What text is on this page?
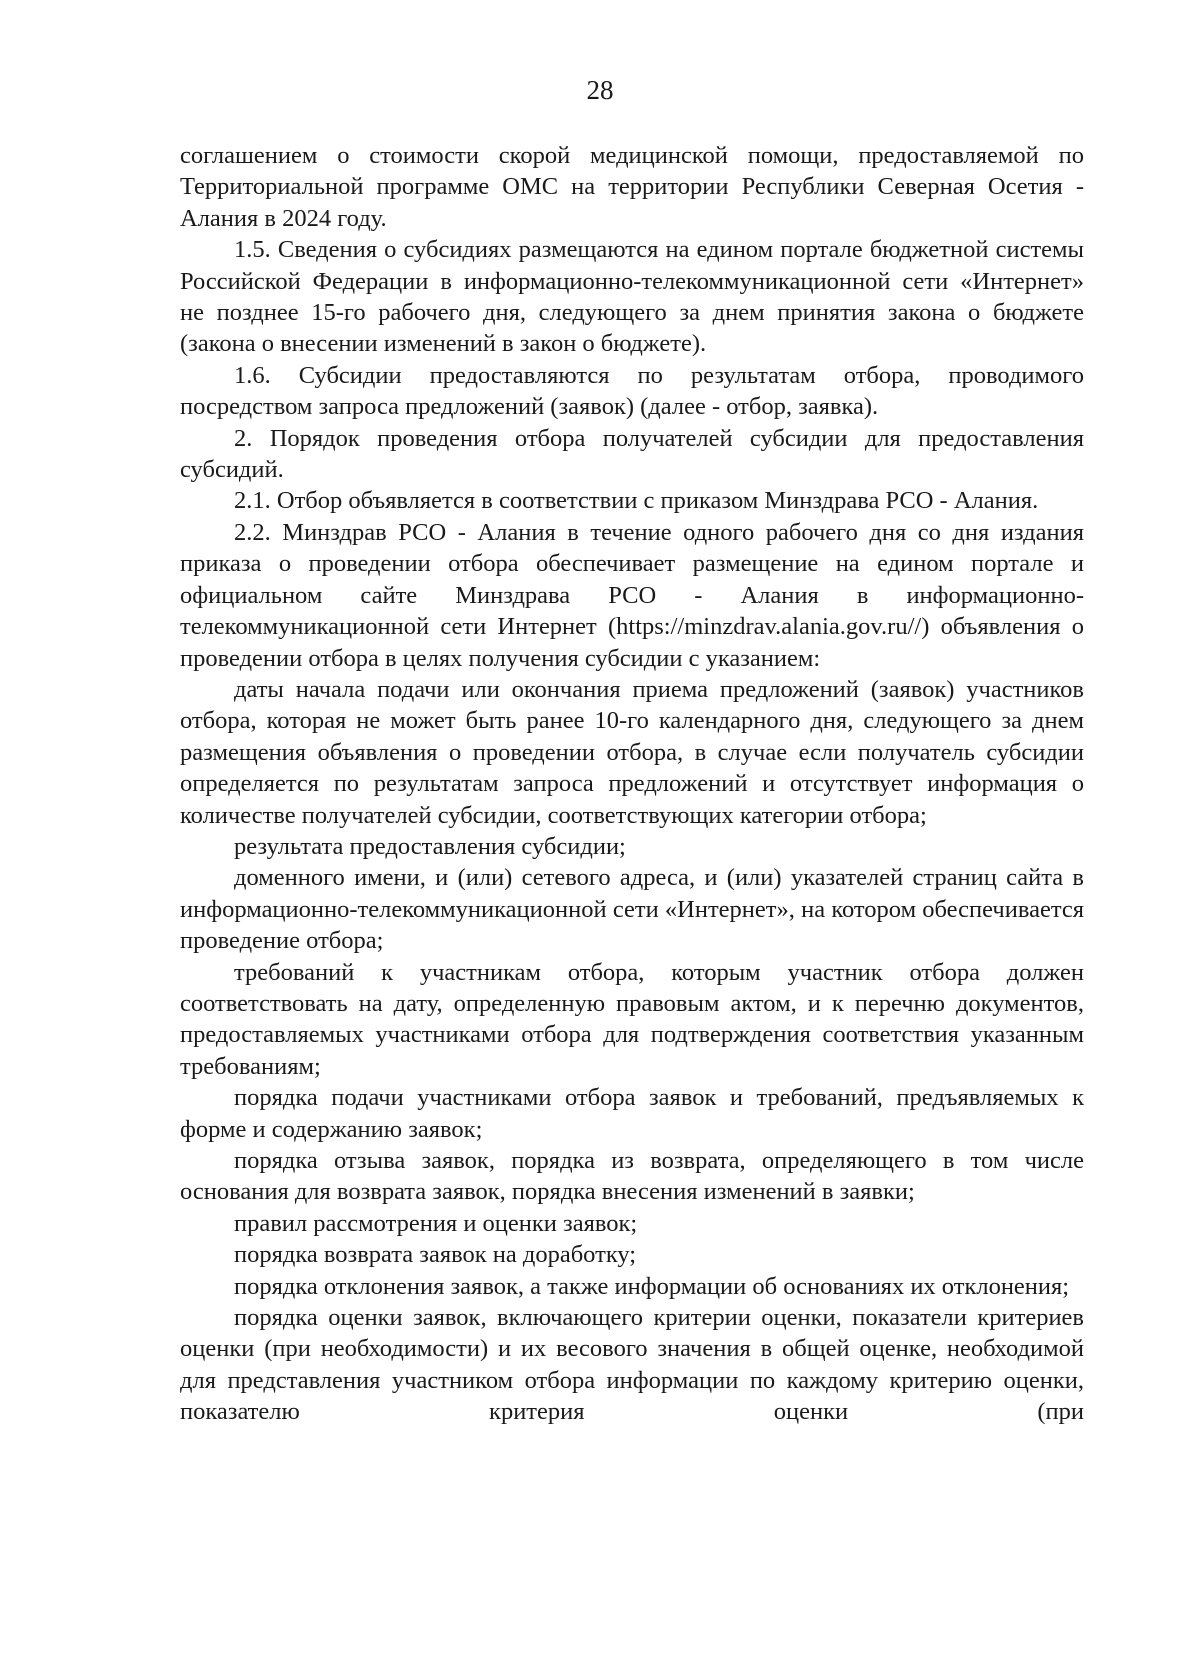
28

соглашением о стоимости скорой медицинской помощи, предоставляемой по Территориальной программе ОМС на территории Республики Северная Осетия - Алания в 2024 году.

1.5. Сведения о субсидиях размещаются на едином портале бюджетной системы Российской Федерации в информационно-телекоммуникационной сети «Интернет» не позднее 15-го рабочего дня, следующего за днем принятия закона о бюджете (закона о внесении изменений в закон о бюджете).

1.6. Субсидии предоставляются по результатам отбора, проводимого посредством запроса предложений (заявок) (далее - отбор, заявка).

2. Порядок проведения отбора получателей субсидии для предоставления субсидий.

2.1. Отбор объявляется в соответствии с приказом Минздрава РСО - Алания.

2.2. Минздрав РСО - Алания в течение одного рабочего дня со дня издания приказа о проведении отбора обеспечивает размещение на едином портале и официальном сайте Минздрава РСО - Алания в информационно-телекоммуникационной сети Интернет (https://minzdrav.alania.gov.ru//) объявления о проведении отбора в целях получения субсидии с указанием:

даты начала подачи или окончания приема предложений (заявок) участников отбора, которая не может быть ранее 10-го календарного дня, следующего за днем размещения объявления о проведении отбора, в случае если получатель субсидии определяется по результатам запроса предложений и отсутствует информация о количестве получателей субсидии, соответствующих категории отбора;

результата предоставления субсидии;

доменного имени, и (или) сетевого адреса, и (или) указателей страниц сайта в информационно-телекоммуникационной сети «Интернет», на котором обеспечивается проведение отбора;

требований к участникам отбора, которым участник отбора должен соответствовать на дату, определенную правовым актом, и к перечню документов, предоставляемых участниками отбора для подтверждения соответствия указанным требованиям;

порядка подачи участниками отбора заявок и требований, предъявляемых к форме и содержанию заявок;

порядка отзыва заявок, порядка из возврата, определяющего в том числе основания для возврата заявок, порядка внесения изменений в заявки;

правил рассмотрения и оценки заявок;

порядка возврата заявок на доработку;

порядка отклонения заявок, а также информации об основаниях их отклонения;

порядка оценки заявок, включающего критерии оценки, показатели критериев оценки (при необходимости) и их весового значения в общей оценке, необходимой для представления участником отбора информации по каждому критерию оценки, показателю критерия оценки (при
